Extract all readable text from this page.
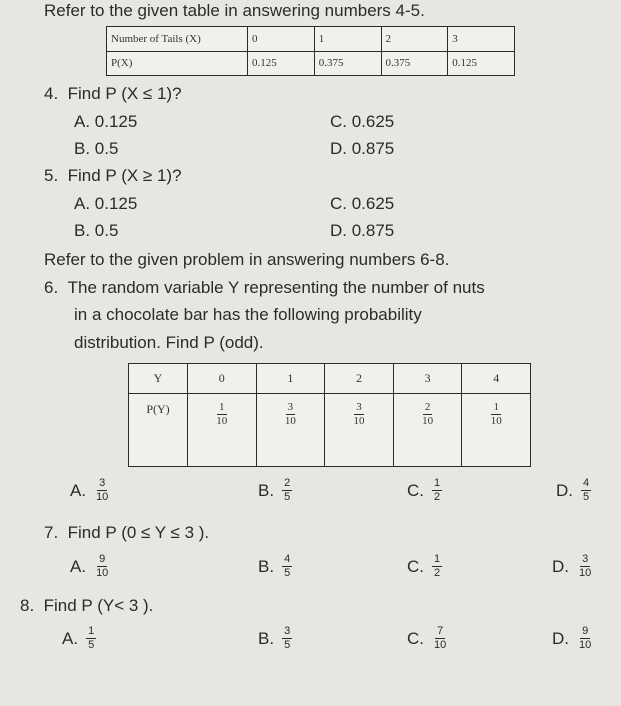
Refer to the given table in answering numbers 4-5.
Number of Tails (X)	0	1	2	3
P(X)	0.125	0.375	0.375	0.125
4. Find P (X ≤ 1)?
A. 0.125	C. 0.625
B. 0.5	D. 0.875
5. Find P (X ≥ 1)?
A. 0.125	C. 0.625
B. 0.5	D. 0.875
Refer to the given problem in answering numbers 6-8.
6. The random variable Y representing the number of nuts
in a chocolate bar has the following probability
distribution. Find P (odd).
Y	0	1	2	3	4
P(Y)	$\frac{1}{10}$	$\frac{3}{10}$	$\frac{3}{10}$	$\frac{2}{10}$	$\frac{1}{10}$
A. $\frac{3}{10}$	B. $\frac{2}{5}$	C. $\frac{1}{2}$	D. $\frac{4}{5}$
7. Find P (0 ≤ Y ≤ 3 ).
A. $\frac{9}{10}$	B. $\frac{4}{5}$	C. $\frac{1}{2}$	D. $\frac{3}{10}$
8. Find P (Y< 3 ).
A. $\frac{1}{5}$	B. $\frac{3}{5}$	C. $\frac{7}{10}$	D. $\frac{9}{10}$
